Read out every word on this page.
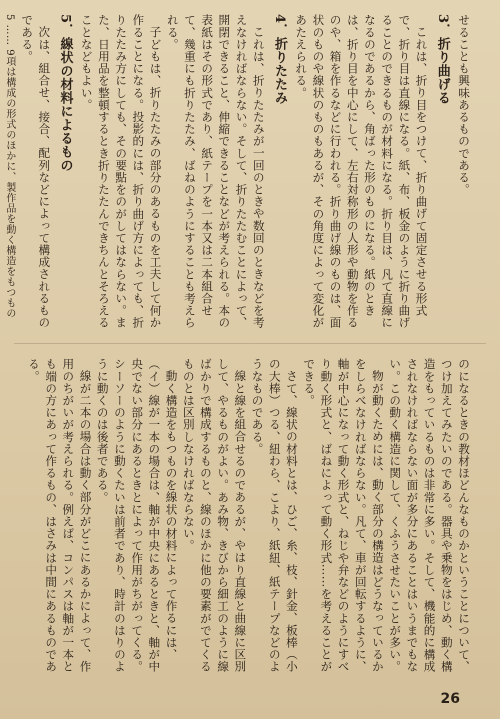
せることも興味あるものである。

3．折り曲げる

これは、折り目をつけて、折り曲げて固定させる形式で、折り目は直線になる。紙、布、板金のように折り曲げることのできるものが材料になる。折り目は、凡て直線になるのであるから、角ばった形のものになる。紙のときは、折り目を中心にして、左右対称形の人形や動物を作るのや、箱を作るなどに行われる。折り曲げ線のものは、面状のものや線状のものもあるが、その角度によって変化があたえられる。

4．折りたたみ

これは、折りたたみが一回のときや数回のときなどを考えなければならない。そして、折りたたむことによって、開閉できること、伸縮できることなどが考えられる。本の表紙はその形式であり、紙テープを一本又は二本組合せて、幾重にも折りたたみ、ばねのようにすることも考えられる。

子どもは、折りたたみの部分のあるものを工夫して何か作ることになる。投影的には、折り曲げ方によっても、折りたたみ方にしても、その要點をのがしてはならない。また、日用品を整頓するとき折りたたんできちんとそろえることなどもよい。

5．線状の材料によるもの

次は、組合せ、接合、配列などによって構成されるものである。

5 …… 9項は構成の形式のほかに、製作品を動く構造をもつもの

のになるときの教材ほどんなものかということについて、つけ加えてみたいのである。器具や乗物をはじめ、動く構造をもっているものは非常に多い。そして、機能的に構成されなければならない面が多分にあることはいうまでもない。この動く構造に関して、くふうさせたいことが多い。

物が動くためには、動く部分の構造はどうなっているかをしらべなければならない。凡て、車が回転するように、軸が中心になって動く形式と、ねじや弁などのようにすべり動く形式と、ばねによって動く形式……を考えることができる。

さて、線状の材料とは、ひご、糸、枝、針金、板棒（小の大棒）つる、紐わら、こより、紙紐、紙テープなどのようなものである。

線と線を組合せるのであるが、やはり直線と曲線に区別して、やるものがよい。あみ物、きびから細工のように線ばかりで構成するものと、線のほかに他の要素がでてくるものとは区別しなければならない。

動く構造をもつものを線状の材料によって作るには、（イ）線が一本の場合は、軸が中央にあるときと、軸が中央でない部分にあるときとによって作用がちがってくる。シーソーのように動くたいは前者であり、時計のはりのように動くのは後者である。

線が二本の場合は動く部分がどこにあるかによって、作用のちがいが考えられる。例えば、コンパスは軸が一本とも端の方にあって作るもの、はさみは中間にあるものである。

26
